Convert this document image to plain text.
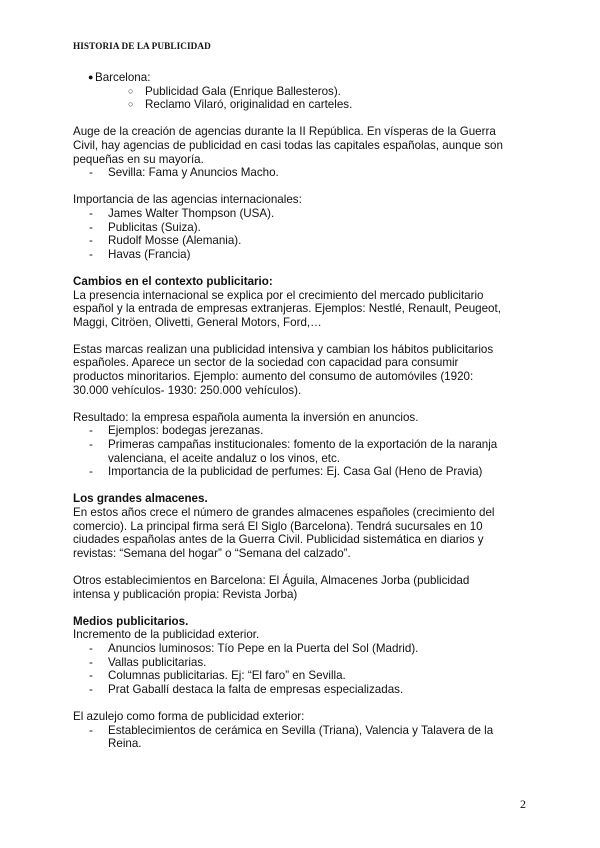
HISTORIA DE LA PUBLICIDAD
● Barcelona:
○ Publicidad Gala (Enrique Ballesteros).
○ Reclamo Vilaró, originalidad en carteles.

Auge de la creación de agencias durante la II República. En vísperas de la Guerra
Civil, hay agencias de publicidad en casi todas las capitales españolas, aunque son
pequeñas en su mayoría.

- Sevilla: Fama y Anuncios Macho.

Importancia de las agencias internacionales:

- James Walter Thompson (USA).
- Publicitas (Suiza).
- Rudolf Mosse (Alemania).
- Havas (Francia)

Cambios en el contexto publicitario:

La presencia internacional se explica por el crecimiento del mercado publicitario
español y la entrada de empresas extranjeras. Ejemplos: Nestlé, Renault, Peugeot,
Maggi, Citröen, Olivetti, General Motors, Ford,…

Estas marcas realizan una publicidad intensiva y cambian los hábitos publicitarios
españoles. Aparece un sector de la sociedad con capacidad para consumir
productos minoritarios. Ejemplo: aumento del consumo de automóviles (1920:
30.000 vehículos- 1930: 250.000 vehículos).

Resultado: la empresa española aumenta la inversión en anuncios.

- Ejemplos: bodegas jerezanas.
- Primeras campañas institucionales: fomento de la exportación de la naranja
valenciana, el aceite andaluz o los vinos, etc.
- Importancia de la publicidad de perfumes: Ej. Casa Gal (Heno de Pravia)

Los grandes almacenes.

En estos años crece el número de grandes almacenes españoles (crecimiento del
comercio). La principal firma será El Siglo (Barcelona). Tendrá sucursales en 10
ciudades españolas antes de la Guerra Civil. Publicidad sistemática en diarios y
revistas: “Semana del hogar” o “Semana del calzado”.

Otros establecimientos en Barcelona: El Águila, Almacenes Jorba (publicidad
intensa y publicación propia: Revista Jorba)

Medios publicitarios.

Incremento de la publicidad exterior.

- Anuncios luminosos: Tío Pepe en la Puerta del Sol (Madrid).
- Vallas publicitarias.
- Columnas publicitarias. Ej: “El faro” en Sevilla.
- Prat Gaballí destaca la falta de empresas especializadas.

El azulejo como forma de publicidad exterior:

- Establecimientos de cerámica en Sevilla (Triana), Valencia y Talavera de la
Reina.
2
